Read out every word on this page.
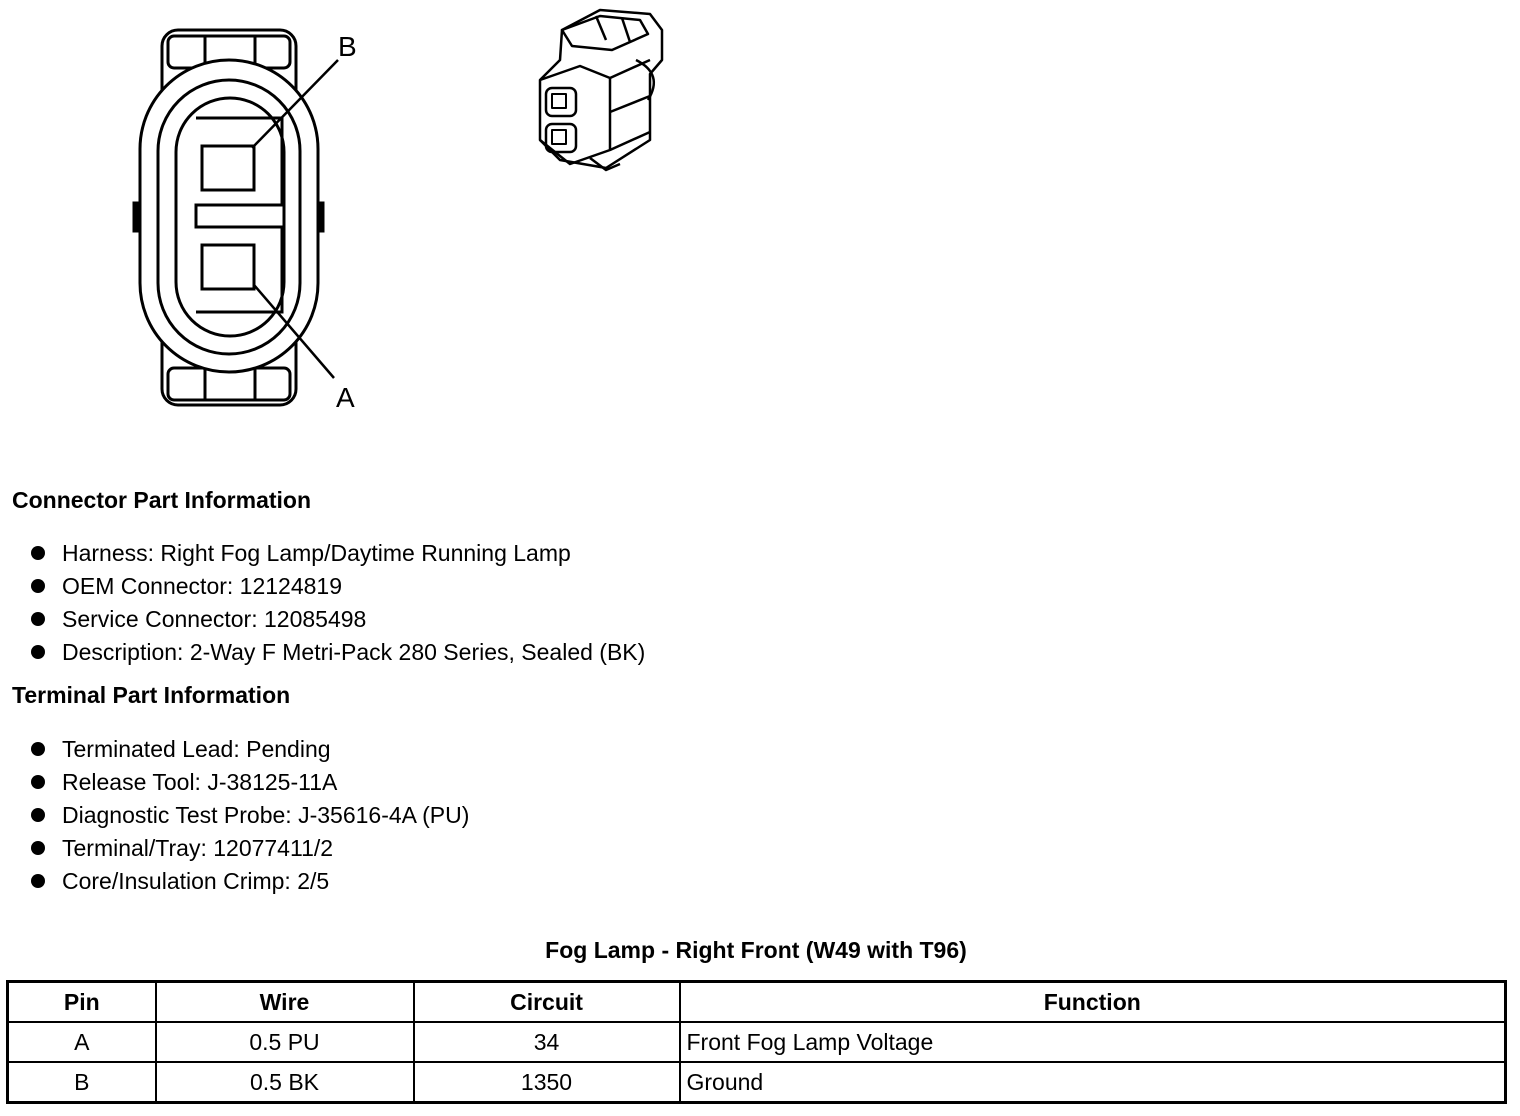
B
A
Connector Part Information
Harness: Right Fog Lamp/Daytime Running Lamp
OEM Connector: 12124819
Service Connector: 12085498
Description: 2-Way F Metri-Pack 280 Series, Sealed (BK)
Terminal Part Information
Terminated Lead: Pending
Release Tool: J-38125-11A
Diagnostic Test Probe: J-35616-4A (PU)
Terminal/Tray: 12077411/2
Core/Insulation Crimp: 2/5
Fog Lamp - Right Front (W49 with T96)
Pin	Wire	Circuit	Function
A	0.5 PU	34	Front Fog Lamp Voltage
B	0.5 BK	1350	Ground
